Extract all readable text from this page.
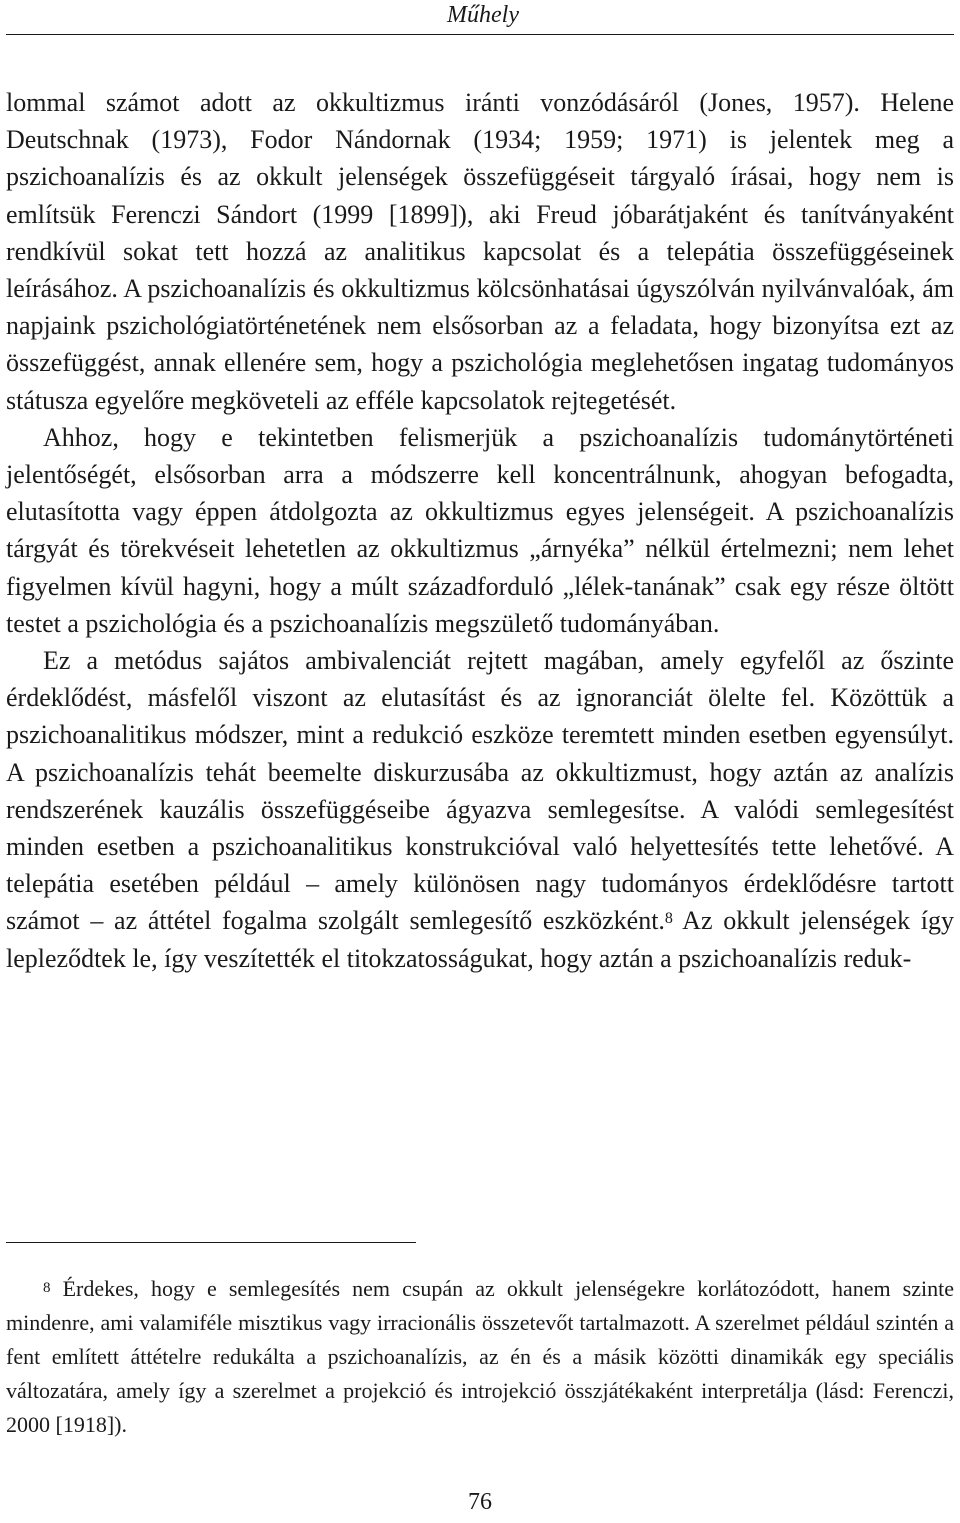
Műhely

lommal számot adott az okkultizmus iránti vonzódásáról (Jones, 1957). Helene Deutschnak (1973), Fodor Nándornak (1934; 1959; 1971) is jelentek meg a pszichoanalízis és az okkult jelenségek összefüggéseit tárgyaló írásai, hogy nem is említsük Ferenczi Sándort (1999 [1899]), aki Freud jóbarátjaként és tanítványaként rendkívül sokat tett hozzá az analitikus kapcsolat és a telepátia összefüggéseinek leírásához. A pszichoanalízis és okkultizmus kölcsönhatásai úgyszólván nyilvánvalóak, ám napjaink pszichológiatörténetének nem elsősorban az a feladata, hogy bizonyítsa ezt az összefüggést, annak ellenére sem, hogy a pszichológia meglehetősen ingatag tudományos státusza egyelőre megköveteli az efféle kapcsolatok rejtegetését.

Ahhoz, hogy e tekintetben felismerjük a pszichoanalízis tudománytörténeti jelentőségét, elsősorban arra a módszerre kell koncentrálnunk, ahogyan befogadta, elutasította vagy éppen átdolgozta az okkultizmus egyes jelenségeit. A pszichoanalízis tárgyát és törekvéseit lehetetlen az okkultizmus „árnyéka” nélkül értelmezni; nem lehet figyelmen kívül hagyni, hogy a múlt századforduló „lélek-tanának” csak egy része öltött testet a pszichológia és a pszichoanalízis megszülető tudományában.

Ez a metódus sajátos ambivalenciát rejtett magában, amely egyfelől az őszinte érdeklődést, másfelől viszont az elutasítást és az ignoranciát ölelte fel. Közöttük a pszichoanalitikus módszer, mint a redukció eszköze teremtett minden esetben egyensúlyt. A pszichoanalízis tehát beemelte diskurzusába az okkultizmust, hogy aztán az analízis rendszerének kauzális összefüggéseibe ágyazva semlegesítse. A valódi semlegesítést minden esetben a pszichoanalitikus konstrukcióval való helyettesítés tette lehetővé. A telepátia esetében például – amely különösen nagy tudományos érdeklődésre tartott számot – az áttétel fogalma szolgált semlegesítő eszközként.$^8$ Az okkult jelenségek így lepleződtek le, így veszítették el titokzatosságukat, hogy aztán a pszichoanalízis reduk-

$^8$ Érdekes, hogy e semlegesítés nem csupán az okkult jelenségekre korlátozódott, hanem szinte mindenre, ami valamiféle misztikus vagy irracionális összetevőt tartalmazott. A szerelmet például szintén a fent említett áttételre redukálta a pszichoanalízis, az én és a másik közötti dinamikák egy speciális változatára, amely így a szerelmet a projekció és introjekció összjátékaként interpretálja (lásd: Ferenczi, 2000 [1918]).
76
